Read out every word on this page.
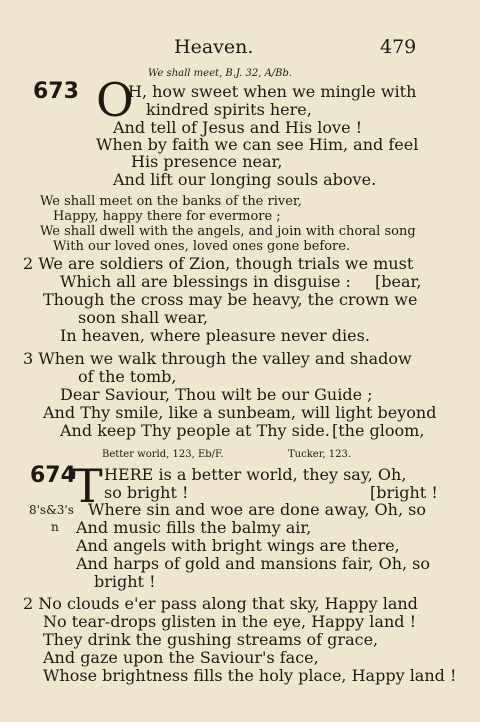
Heaven.	479
We shall meet, B.J. 32, A/Bb.
673 O
H, how sweet when we mingle with
kindred spirits here,
And tell of Jesus and His love !
When by faith we can see Him, and feel
His presence near,
And lift our longing souls above.
We shall meet on the banks of the river,
Happy, happy there for evermore ;
We shall dwell with the angels, and join with choral song
With our loved ones, loved ones gone before.
2 We are soldiers of Zion, though trials we must
Which all are blessings in disguise : [bear,
Though the cross may be heavy, the crown we
soon shall wear,
In heaven, where pleasure never dies.
3 When we walk through the valley and shadow
of the tomb,
Dear Saviour, Thou wilt be our Guide ;
And Thy smile, like a sunbeam, will light beyond
And keep Thy people at Thy side. [the gloom,
Better world, 123, Eb/F.	Tucker, 123.
674
T HERE is a better world, they say, Oh,
so bright !	[bright !
8's&3's Where sin and woe are done away, Oh, so
n And music fills the balmy air,
And angels with bright wings are there,
And harps of gold and mansions fair, Oh, so
bright !
2 No clouds e'er pass along that sky, Happy land
No tear-drops glisten in the eye, Happy land !
They drink the gushing streams of grace,
And gaze upon the Saviour's face,
Whose brightness fills the holy place, Happy land !
